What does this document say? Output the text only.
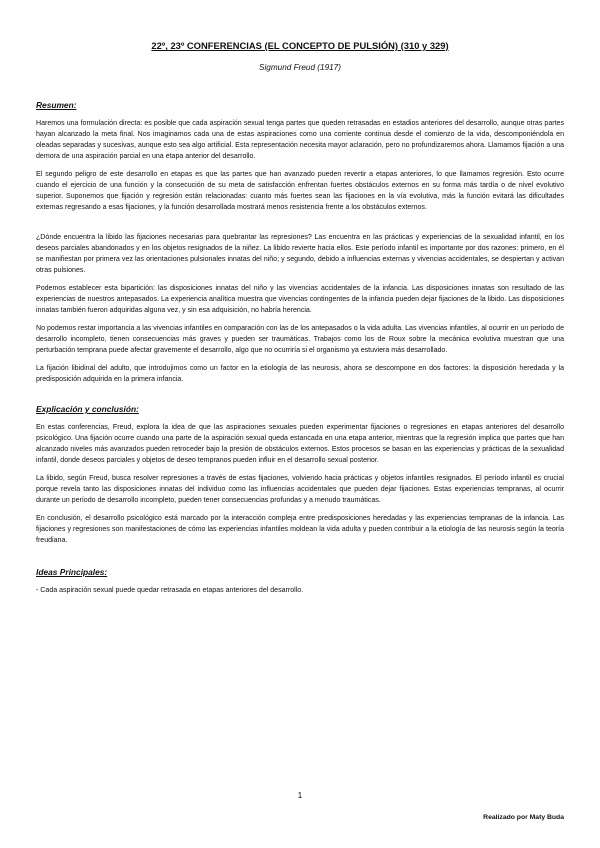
22º, 23º CONFERENCIAS (EL CONCEPTO DE PULSIÓN) (310 y 329)
Sigmund Freud (1917)
Resumen:

Haremos una formulación directa: es posible que cada aspiración sexual tenga partes que queden retrasadas en estadios anteriores del desarrollo, aunque otras partes hayan alcanzado la meta final. Nos imaginamos cada una de estas aspiraciones como una corriente continua desde el comienzo de la vida, descomponiéndola en oleadas separadas y sucesivas, aunque esto sea algo artificial. Esta representación necesita mayor aclaración, pero no profundizaremos ahora. Llamamos fijación a una demora de una aspiración parcial en una etapa anterior del desarrollo.

El segundo peligro de este desarrollo en etapas es que las partes que han avanzado pueden revertir a etapas anteriores, lo que llamamos regresión. Esto ocurre cuando el ejercicio de una función y la consecución de su meta de satisfacción enfrentan fuertes obstáculos externos en su forma más tardía o de nivel evolutivo superior. Suponemos que fijación y regresión están relacionadas: cuanto más fuertes sean las fijaciones en la vía evolutiva, más la función evitará las dificultades externas regresando a esas fijaciones, y la función desarrollada mostrará menos resistencia frente a los obstáculos externos.

¿Dónde encuentra la libido las fijaciones necesarias para quebrantar las represiones? Las encuentra en las prácticas y experiencias de la sexualidad infantil, en los deseos parciales abandonados y en los objetos resignados de la niñez. La libido revierte hacia ellos. Este período infantil es importante por dos razones: primero, en él se manifiestan por primera vez las orientaciones pulsionales innatas del niño; y segundo, debido a influencias externas y vivencias accidentales, se despiertan y activan otras pulsiones.

Podemos establecer esta bipartición: las disposiciones innatas del niño y las vivencias accidentales de la infancia. Las disposiciones innatas son resultado de las experiencias de nuestros antepasados. La experiencia analítica muestra que vivencias contingentes de la infancia pueden dejar fijaciones de la libido. Las disposiciones innatas también fueron adquiridas alguna vez, y sin esa adquisición, no habría herencia.

No podemos restar importancia a las vivencias infantiles en comparación con las de los antepasados o la vida adulta. Las vivencias infantiles, al ocurrir en un período de desarrollo incompleto, tienen consecuencias más graves y pueden ser traumáticas. Trabajos como los de Roux sobre la mecánica evolutiva muestran que una perturbación temprana puede afectar gravemente el desarrollo, algo que no ocurriría si el organismo ya estuviera más desarrollado.

La fijación libidinal del adulto, que introdujimos como un factor en la etiología de las neurosis, ahora se descompone en dos factores: la disposición heredada y la predisposición adquirida en la primera infancia.

Explicación y conclusión:

En estas conferencias, Freud, explora la idea de que las aspiraciones sexuales pueden experimentar fijaciones o regresiones en etapas anteriores del desarrollo psicológico. Una fijación ocurre cuando una parte de la aspiración sexual queda estancada en una etapa anterior, mientras que la regresión implica que partes que han alcanzado niveles más avanzados pueden retroceder bajo la presión de obstáculos externos. Estos procesos se basan en las experiencias y prácticas de la sexualidad infantil, donde deseos parciales y objetos de deseo tempranos pueden influir en el desarrollo sexual posterior.

La libido, según Freud, busca resolver represiones a través de estas fijaciones, volviendo hacia prácticas y objetos infantiles resignados. El período infantil es crucial porque revela tanto las disposiciones innatas del individuo como las influencias accidentales que pueden dejar fijaciones. Estas experiencias tempranas, al ocurrir durante un período de desarrollo incompleto, pueden tener consecuencias profundas y a menudo traumáticas.

En conclusión, el desarrollo psicológico está marcado por la interacción compleja entre predisposiciones heredadas y las experiencias tempranas de la infancia. Las fijaciones y regresiones son manifestaciones de cómo las experiencias infantiles moldean la vida adulta y pueden contribuir a la etiología de las neurosis según la teoría freudiana.

Ideas Principales:

- Cada aspiración sexual puede quedar retrasada en etapas anteriores del desarrollo.

1
Realizado por Maty Buda
